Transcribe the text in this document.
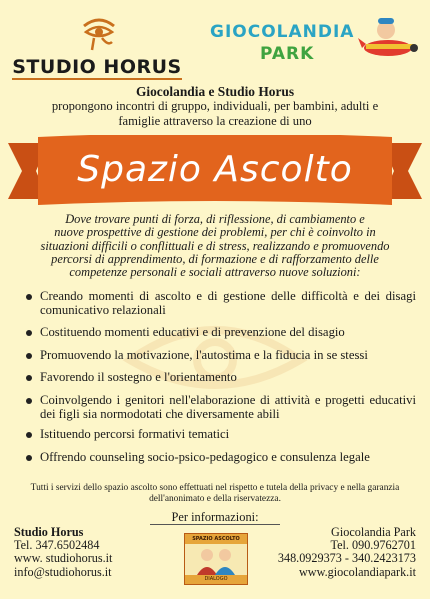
STUDIO HORUS
GIOCOLANDIA
PARK
Giocolandia e Studio Horus
propongono incontri di gruppo, individuali, per bambini, adulti e
famiglie attraverso la creazione di uno
Spazio Ascolto
Dove trovare punti di forza, di riflessione, di cambiamento e
nuove prospettive di gestione dei problemi, per chi è coinvolto in
situazioni difficili o conflittuali e di stress, realizzando e promuovendo
percorsi di apprendimento, di formazione e di rafforzamento delle
competenze personali e sociali attraverso nuove soluzioni:
Creando momenti di ascolto e di gestione delle difficoltà e dei disagi comunicativo relazionali
Costituendo momenti educativi e di prevenzione del disagio
Promuovendo la motivazione, l'autostima e la fiducia in se stessi
Favorendo il sostegno e l'orientamento
Coinvolgendo i genitori nell'elaborazione di attività e progetti educativi dei figli sia normodotati che diversamente abili
Istituendo percorsi formativi tematici
Offrendo counseling socio-psico-pedagogico e consulenza legale
Tutti i servizi dello spazio ascolto sono effettuati nel rispetto e tutela della privacy e nella garanzia
dell'anonimato e della riservatezza.
Per informazioni:
Studio Horus
Tel. 347.6502484
www. studiohorus.it
info@studiohorus.it
SPAZIO ASCOLTO
DIALOGO
Giocolandia Park
Tel. 090.9762701
348.0929373 - 340.2423173
www.giocolandiapark.it
